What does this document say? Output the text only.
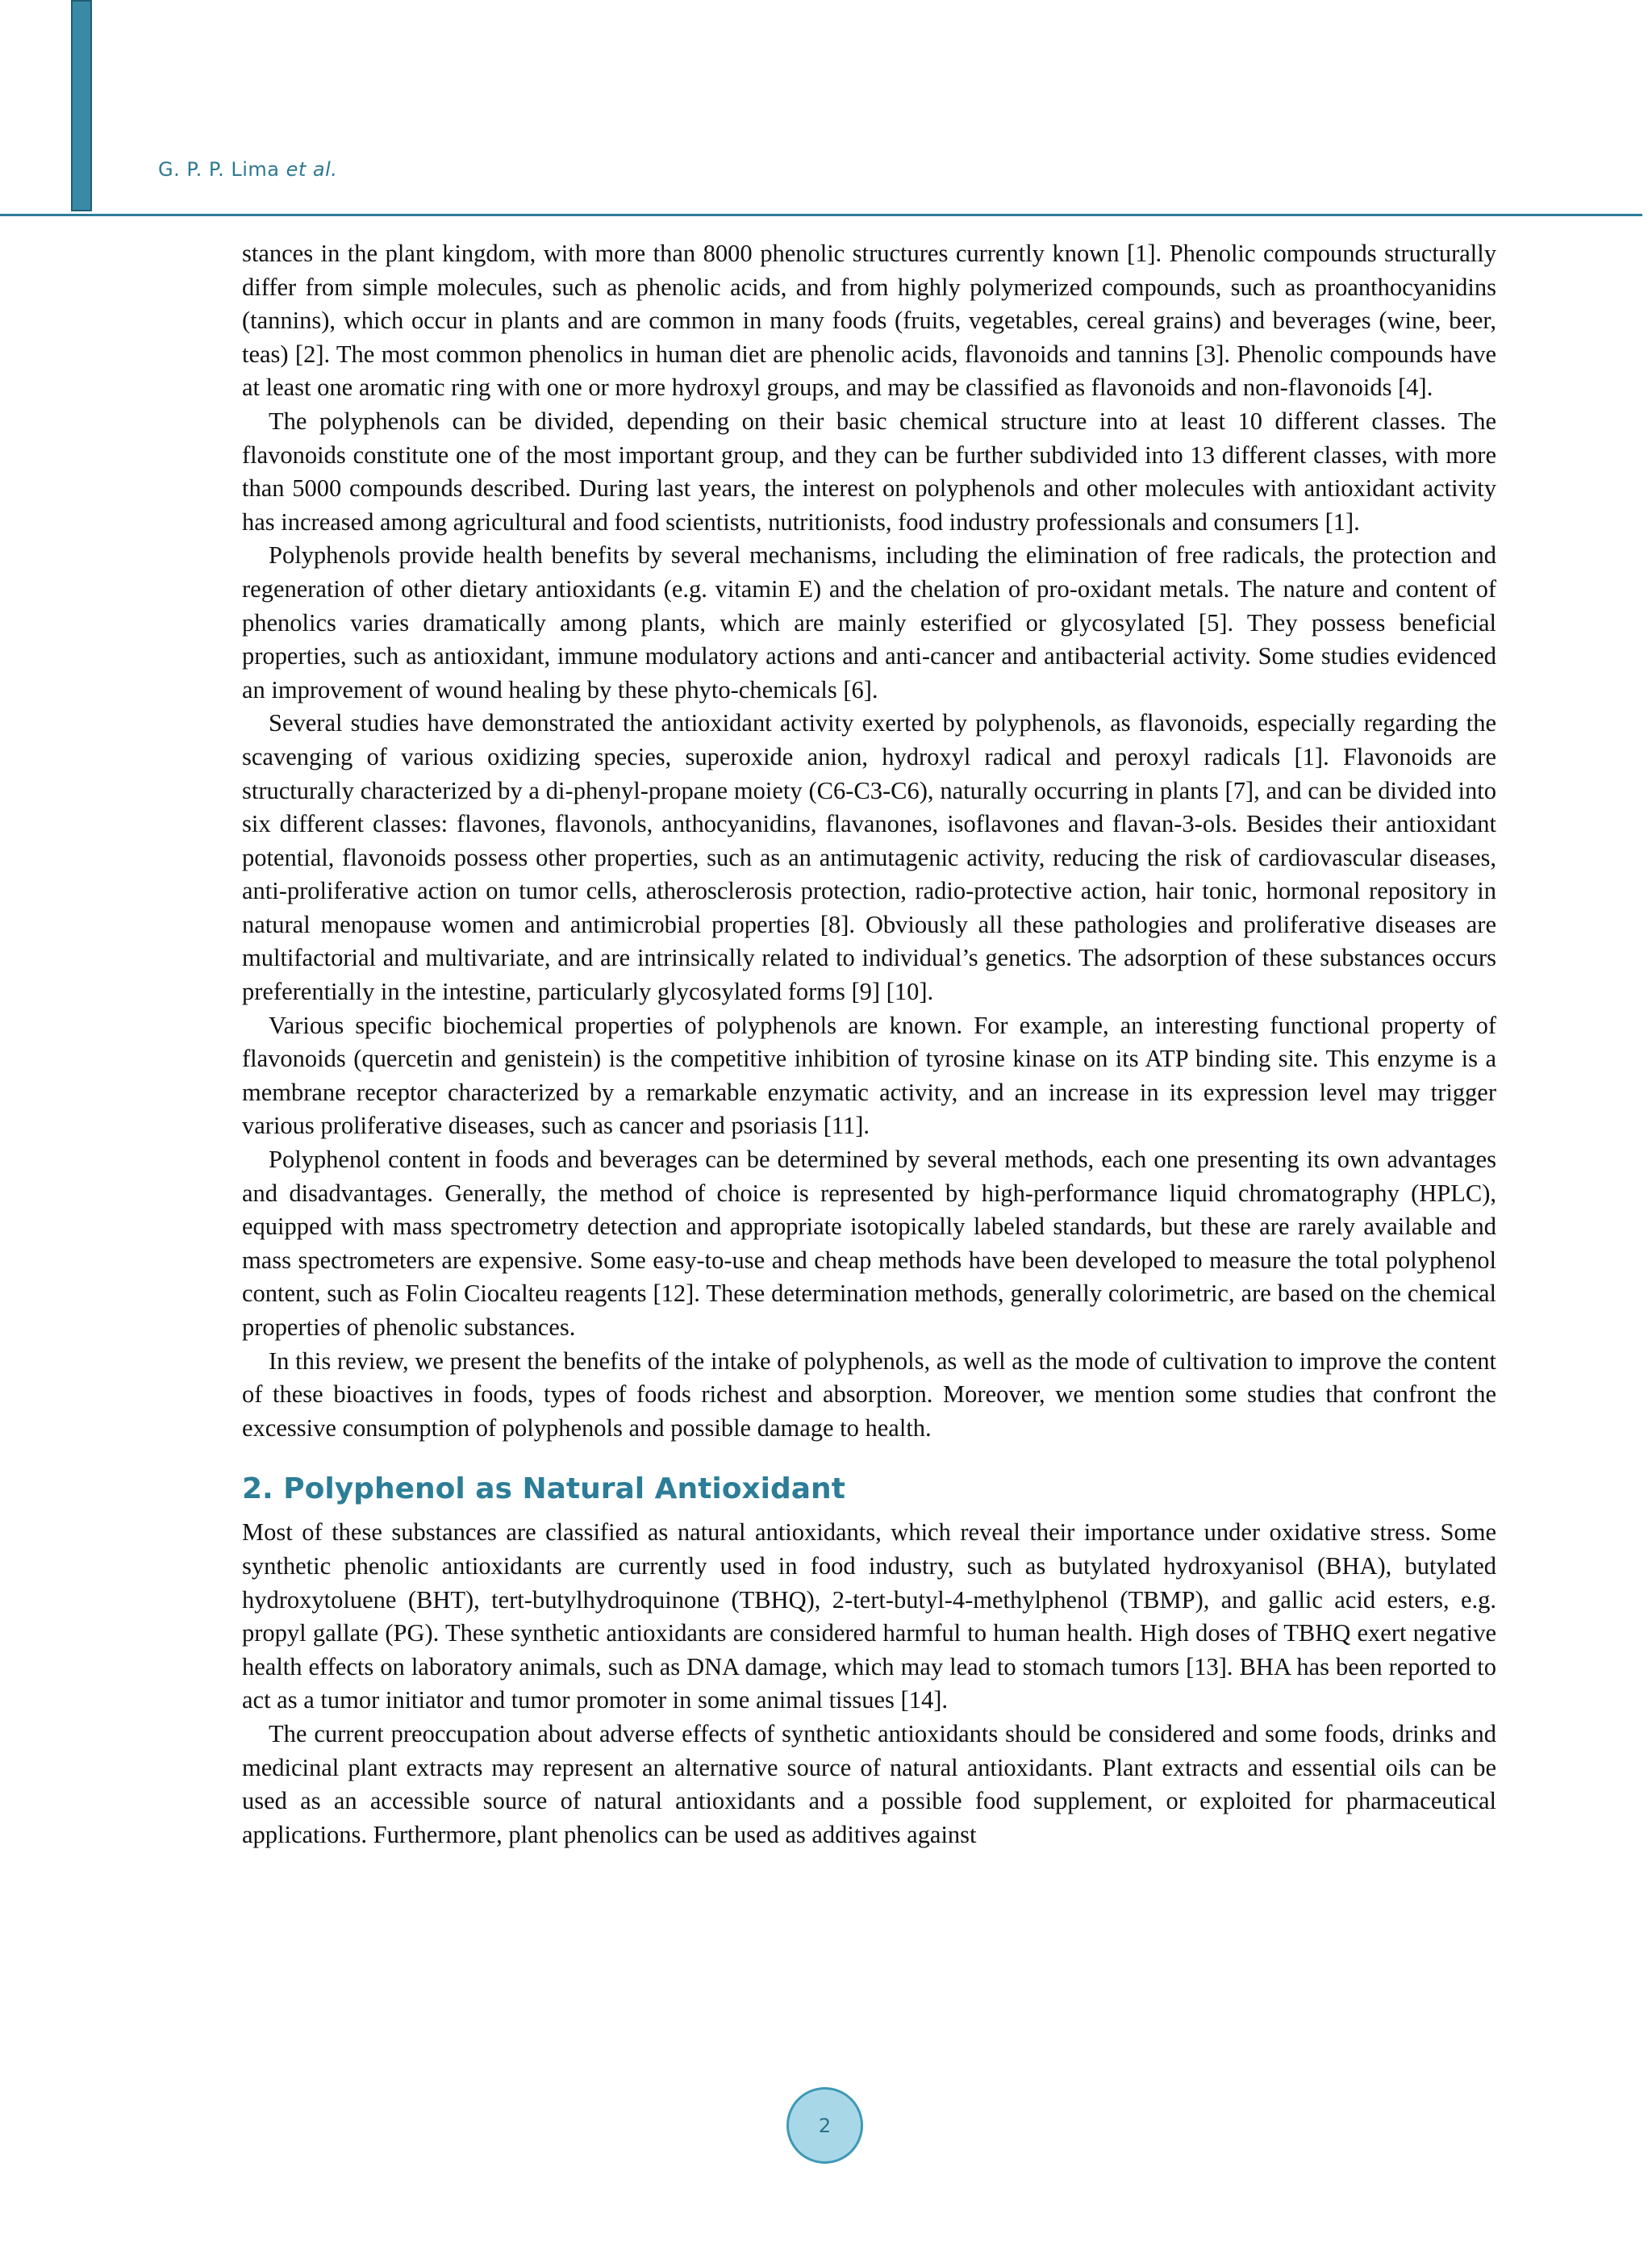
G. P. P. Lima et al.

stances in the plant kingdom, with more than 8000 phenolic structures currently known [1]. Phenolic compounds structurally differ from simple molecules, such as phenolic acids, and from highly polymerized compounds, such as proanthocyanidins (tannins), which occur in plants and are common in many foods (fruits, vegetables, cereal grains) and beverages (wine, beer, teas) [2]. The most common phenolics in human diet are phenolic acids, flavonoids and tannins [3]. Phenolic compounds have at least one aromatic ring with one or more hydroxyl groups, and may be classified as flavonoids and non-flavonoids [4].

The polyphenols can be divided, depending on their basic chemical structure into at least 10 different classes. The flavonoids constitute one of the most important group, and they can be further subdivided into 13 different classes, with more than 5000 compounds described. During last years, the interest on polyphenols and other molecules with antioxidant activity has increased among agricultural and food scientists, nutritionists, food industry professionals and consumers [1].

Polyphenols provide health benefits by several mechanisms, including the elimination of free radicals, the protection and regeneration of other dietary antioxidants (e.g. vitamin E) and the chelation of pro-oxidant metals. The nature and content of phenolics varies dramatically among plants, which are mainly esterified or glycosylated [5]. They possess beneficial properties, such as antioxidant, immune modulatory actions and anti-cancer and antibacterial activity. Some studies evidenced an improvement of wound healing by these phyto-chemicals [6].

Several studies have demonstrated the antioxidant activity exerted by polyphenols, as flavonoids, especially regarding the scavenging of various oxidizing species, superoxide anion, hydroxyl radical and peroxyl radicals [1]. Flavonoids are structurally characterized by a di-phenyl-propane moiety (C6-C3-C6), naturally occurring in plants [7], and can be divided into six different classes: flavones, flavonols, anthocyanidins, flavanones, isoflavones and flavan-3-ols. Besides their antioxidant potential, flavonoids possess other properties, such as an antimutagenic activity, reducing the risk of cardiovascular diseases, anti-proliferative action on tumor cells, atherosclerosis protection, radio-protective action, hair tonic, hormonal repository in natural menopause women and antimicrobial properties [8]. Obviously all these pathologies and proliferative diseases are multifactorial and multivariate, and are intrinsically related to individual’s genetics. The adsorption of these substances occurs preferentially in the intestine, particularly glycosylated forms [9] [10].

Various specific biochemical properties of polyphenols are known. For example, an interesting functional property of flavonoids (quercetin and genistein) is the competitive inhibition of tyrosine kinase on its ATP binding site. This enzyme is a membrane receptor characterized by a remarkable enzymatic activity, and an increase in its expression level may trigger various proliferative diseases, such as cancer and psoriasis [11].

Polyphenol content in foods and beverages can be determined by several methods, each one presenting its own advantages and disadvantages. Generally, the method of choice is represented by high-performance liquid chromatography (HPLC), equipped with mass spectrometry detection and appropriate isotopically labeled standards, but these are rarely available and mass spectrometers are expensive. Some easy-to-use and cheap methods have been developed to measure the total polyphenol content, such as Folin Ciocalteu reagents [12]. These determination methods, generally colorimetric, are based on the chemical properties of phenolic substances.

In this review, we present the benefits of the intake of polyphenols, as well as the mode of cultivation to improve the content of these bioactives in foods, types of foods richest and absorption. Moreover, we mention some studies that confront the excessive consumption of polyphenols and possible damage to health.

2. Polyphenol as Natural Antioxidant

Most of these substances are classified as natural antioxidants, which reveal their importance under oxidative stress. Some synthetic phenolic antioxidants are currently used in food industry, such as butylated hydroxyanisol (BHA), butylated hydroxytoluene (BHT), tert-butylhydroquinone (TBHQ), 2-tert-butyl-4-methylphenol (TBMP), and gallic acid esters, e.g. propyl gallate (PG). These synthetic antioxidants are considered harmful to human health. High doses of TBHQ exert negative health effects on laboratory animals, such as DNA damage, which may lead to stomach tumors [13]. BHA has been reported to act as a tumor initiator and tumor promoter in some animal tissues [14].

The current preoccupation about adverse effects of synthetic antioxidants should be considered and some foods, drinks and medicinal plant extracts may represent an alternative source of natural antioxidants. Plant extracts and essential oils can be used as an accessible source of natural antioxidants and a possible food supplement, or exploited for pharmaceutical applications. Furthermore, plant phenolics can be used as additives against

2
